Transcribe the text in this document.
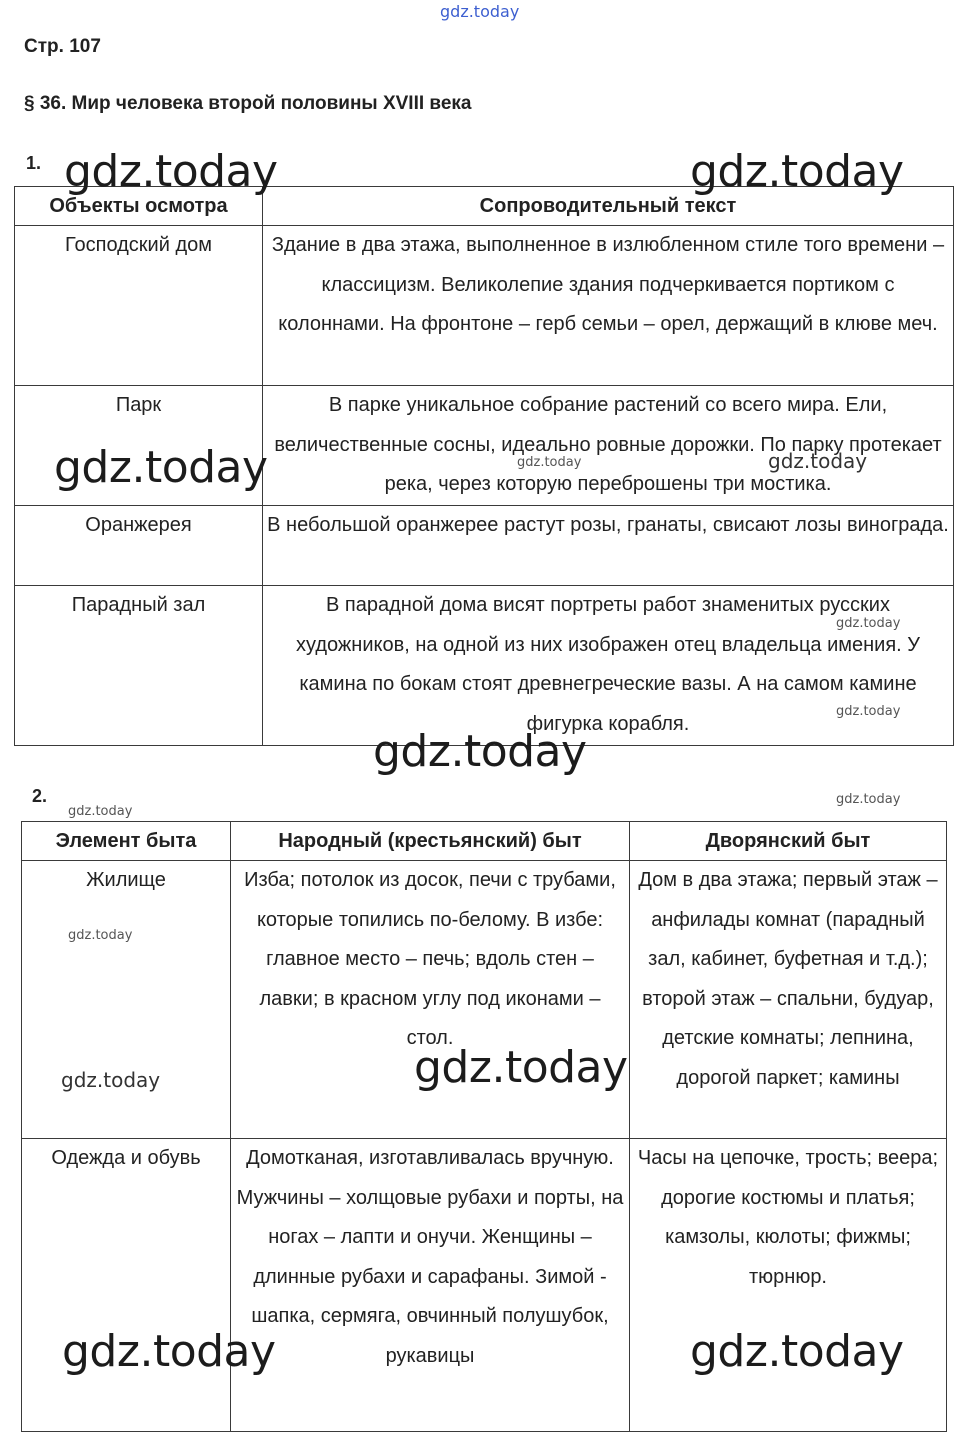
gdz.today
Стр. 107
§ 36. Мир человека второй половины XVIII века
1.
Объекты осмотра	Сопроводительный текст
Господский дом	Здание в два этажа, выполненное в излюбленном стиле того времени – классицизм. Великолепие здания подчеркивается портиком с колоннами. На фронтоне – герб семьи – орел, держащий в клюве меч.
Парк	В парке уникальное собрание растений со всего мира. Ели, величественные сосны, идеально ровные дорожки. По парку протекает река, через которую переброшены три мостика.
Оранжерея	В небольшой оранжерее растут розы, гранаты, свисают лозы винограда.
Парадный зал	В парадной дома висят портреты работ знаменитых русских художников, на одной из них изображен отец владельца имения. У камина по бокам стоят древнегреческие вазы. А на самом камине фигурка корабля.
2.
Элемент быта	Народный (крестьянский) быт	Дворянский быт
Жилище	Изба; потолок из досок, печи с трубами, которые топились по-белому. В избе: главное место – печь; вдоль стен – лавки; в красном углу под иконами – стол.	Дом в два этажа; первый этаж – анфилады комнат (парадный зал, кабинет, буфетная и т.д.); второй этаж – спальни, будуар, детские комнаты; лепнина, дорогой паркет; камины
Одежда и обувь	Домотканая, изготавливалась вручную. Мужчины – холщовые рубахи и порты, на ногах – лапти и онучи. Женщины – длинные рубахи и сарафаны. Зимой - шапка, сермяга, овчинный полушубок, рукавицы	Часы на цепочке, трость; веера; дорогие костюмы и платья; камзолы, кюлоты; фижмы; тюрнюр.
gdz.today	gdz.today
gdz.today	gdz.today	gdz.today
gdz.today
gdz.today
gdz.today
gdz.today
gdz.today
gdz.today
gdz.today
gdz.today
gdz.today	gdz.today
